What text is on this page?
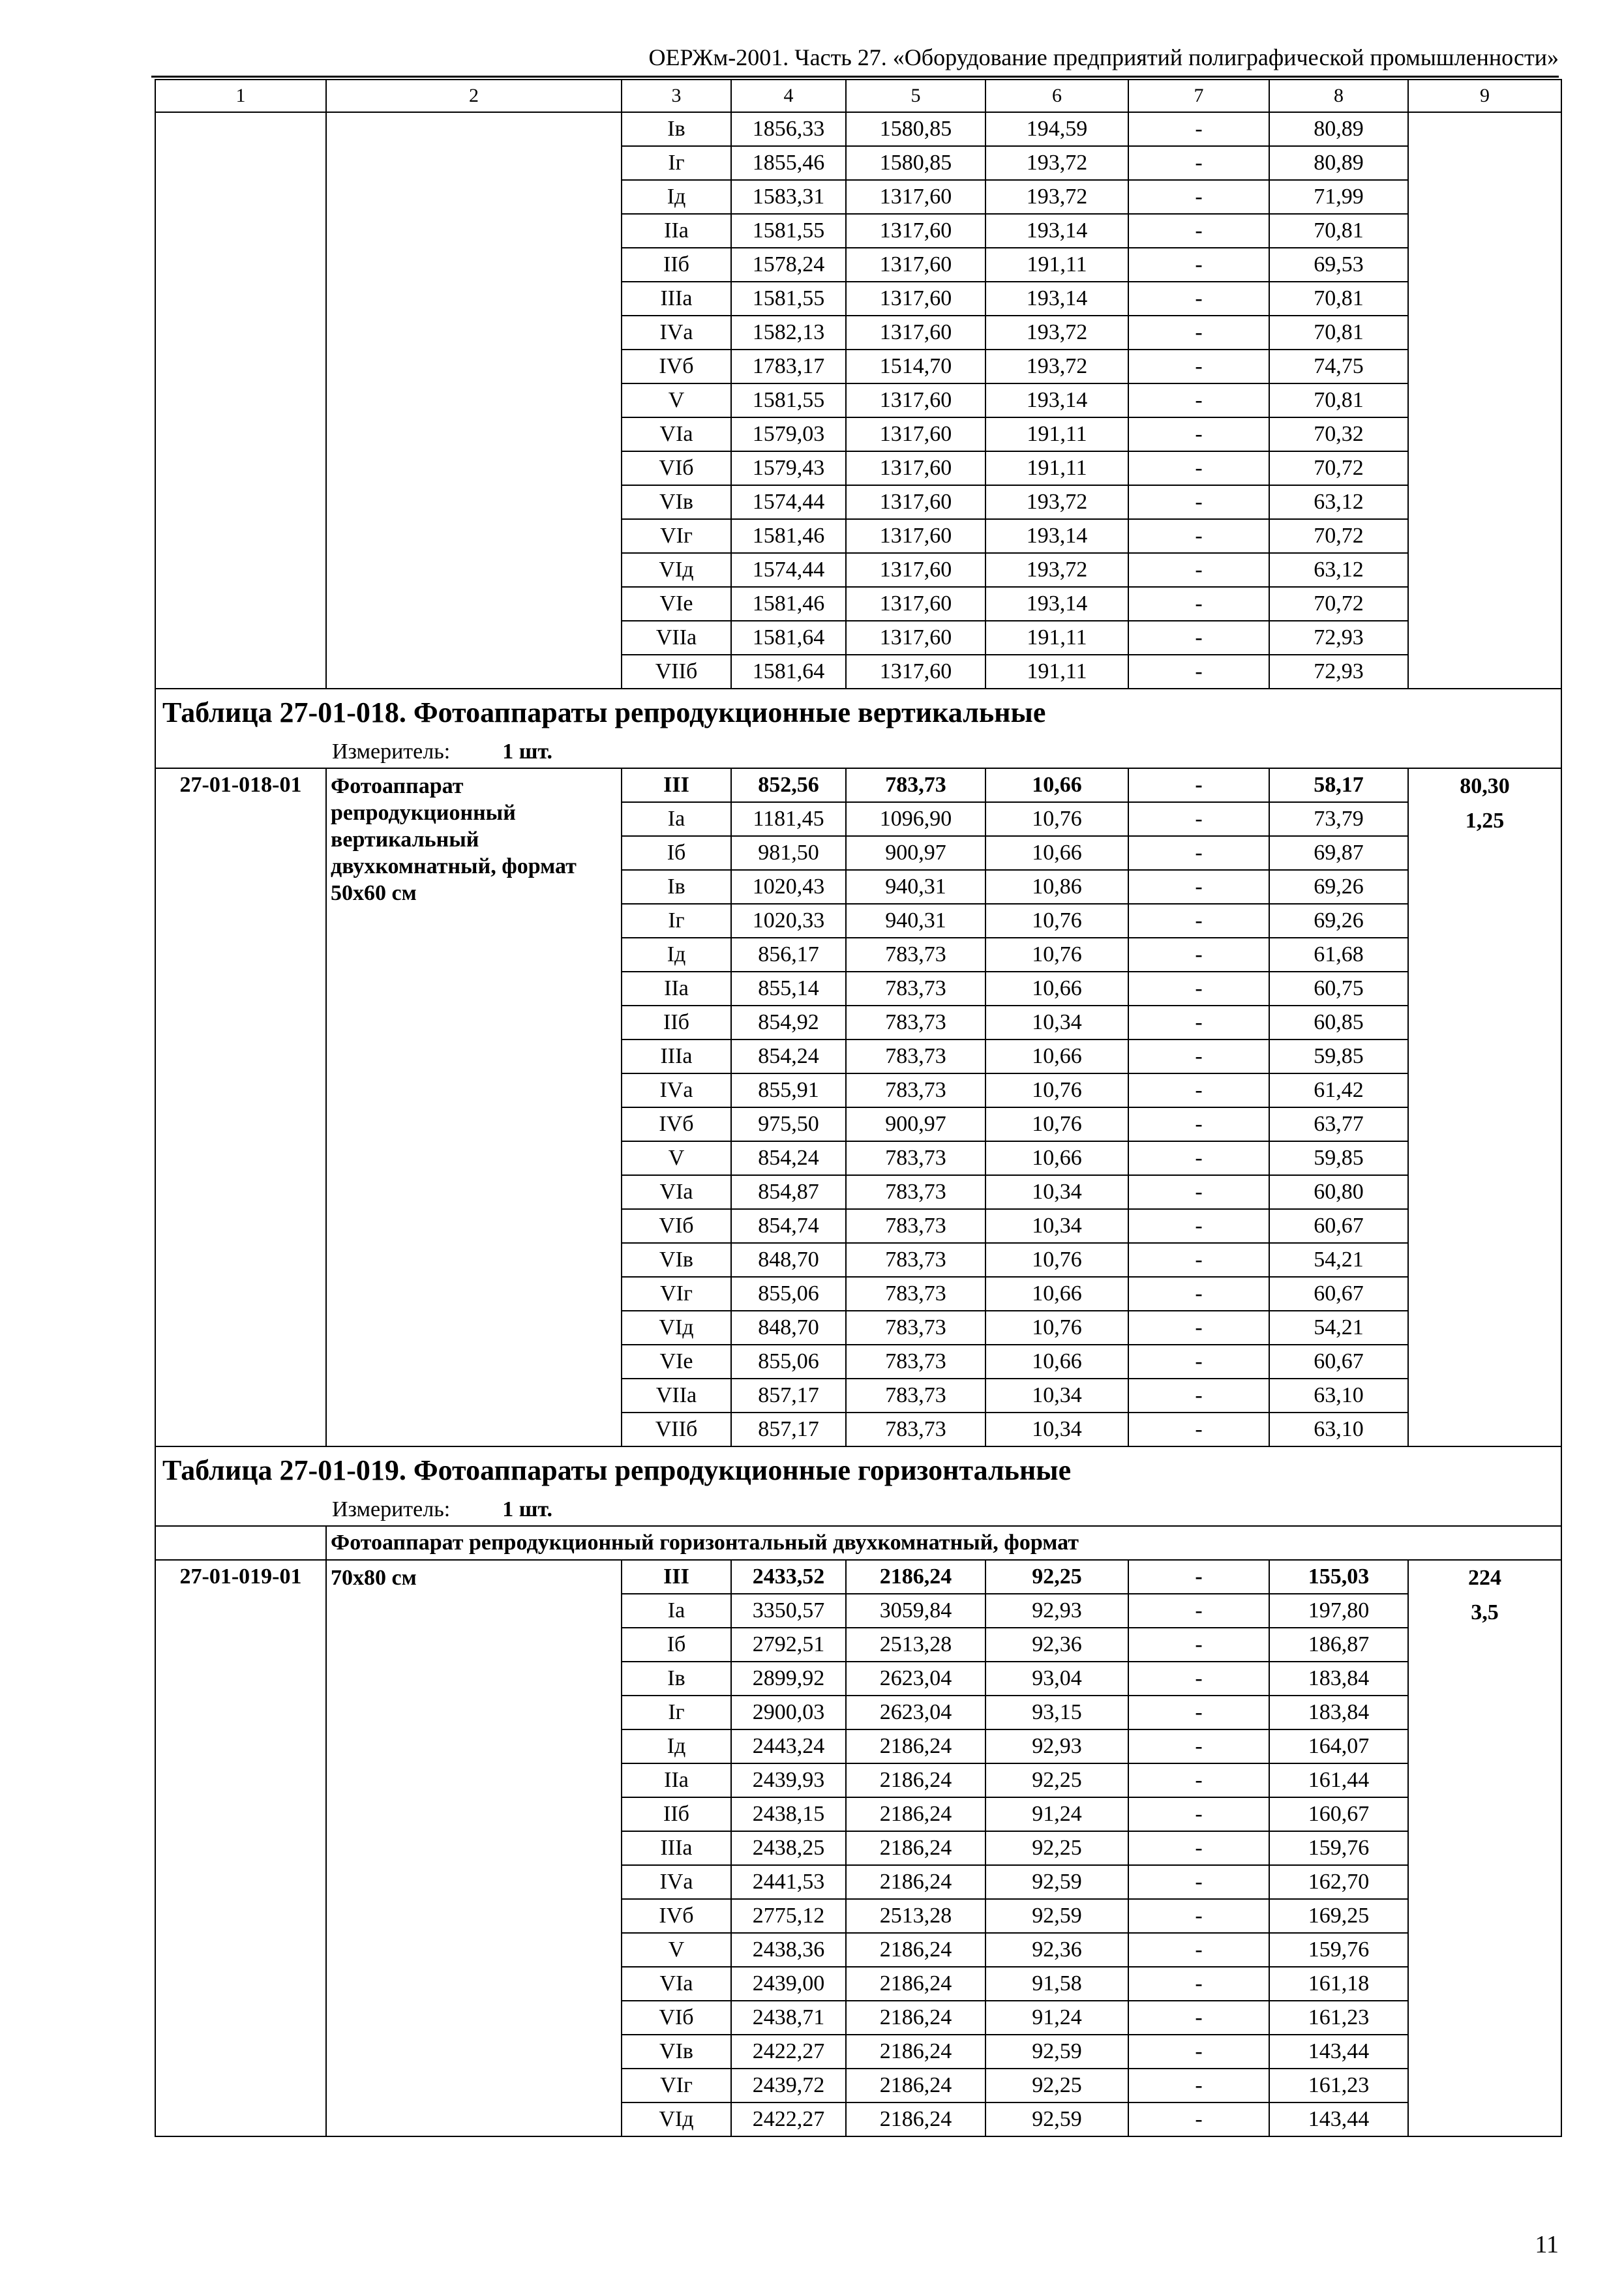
ОЕРЖм-2001. Часть 27. «Оборудование предприятий полиграфической промышленности»
1	2	3	4	5	6	7	8	9
		Iв	1856,33	1580,85	194,59	-	80,89	
		Iг	1855,46	1580,85	193,72	-	80,89	
		Iд	1583,31	1317,60	193,72	-	71,99	
		IIа	1581,55	1317,60	193,14	-	70,81	
		IIб	1578,24	1317,60	191,11	-	69,53	
		IIIа	1581,55	1317,60	193,14	-	70,81	
		IVа	1582,13	1317,60	193,72	-	70,81	
		IVб	1783,17	1514,70	193,72	-	74,75	
		V	1581,55	1317,60	193,14	-	70,81	
		VIа	1579,03	1317,60	191,11	-	70,32	
		VIб	1579,43	1317,60	191,11	-	70,72	
		VIв	1574,44	1317,60	193,72	-	63,12	
		VIг	1581,46	1317,60	193,14	-	70,72	
		VIд	1574,44	1317,60	193,72	-	63,12	
		VIе	1581,46	1317,60	193,14	-	70,72	
		VIIа	1581,64	1317,60	191,11	-	72,93	
		VIIб	1581,64	1317,60	191,11	-	72,93	
Таблица 27-01-018. Фотоаппараты репродукционные вертикальные								
Измеритель: 1 шт.								
27-01-018-01	Фотоаппарат репродукционный вертикальный двухкомнатный, формат 50х60 см	III	852,56	783,73	10,66	-	58,17	80,30
1,25

		Iа	1181,45	1096,90	10,76	-	73,79	
		Iб	981,50	900,97	10,66	-	69,87	
		Iв	1020,43	940,31	10,86	-	69,26	
		Iг	1020,33	940,31	10,76	-	69,26	
		Iд	856,17	783,73	10,76	-	61,68	
		IIа	855,14	783,73	10,66	-	60,75	
		IIб	854,92	783,73	10,34	-	60,85	
		IIIа	854,24	783,73	10,66	-	59,85	
		IVа	855,91	783,73	10,76	-	61,42	
		IVб	975,50	900,97	10,76	-	63,77	
		V	854,24	783,73	10,66	-	59,85	
		VIа	854,87	783,73	10,34	-	60,80	
		VIб	854,74	783,73	10,34	-	60,67	
		VIв	848,70	783,73	10,76	-	54,21	
		VIг	855,06	783,73	10,66	-	60,67	
		VIд	848,70	783,73	10,76	-	54,21	
		VIе	855,06	783,73	10,66	-	60,67	
		VIIа	857,17	783,73	10,34	-	63,10	
		VIIб	857,17	783,73	10,34	-	63,10	
Таблица 27-01-019. Фотоаппараты репродукционные горизонтальные								
Измеритель: 1 шт.								
	Фотоаппарат репродукционный горизонтальный двухкомнатный, формат							
27-01-019-01	70х80 см	III	2433,52	2186,24	92,25	-	155,03	224
3,5

		Iа	3350,57	3059,84	92,93	-	197,80	
		Iб	2792,51	2513,28	92,36	-	186,87	
		Iв	2899,92	2623,04	93,04	-	183,84	
		Iг	2900,03	2623,04	93,15	-	183,84	
		Iд	2443,24	2186,24	92,93	-	164,07	
		IIа	2439,93	2186,24	92,25	-	161,44	
		IIб	2438,15	2186,24	91,24	-	160,67	
		IIIа	2438,25	2186,24	92,25	-	159,76	
		IVа	2441,53	2186,24	92,59	-	162,70	
		IVб	2775,12	2513,28	92,59	-	169,25	
		V	2438,36	2186,24	92,36	-	159,76	
		VIа	2439,00	2186,24	91,58	-	161,18	
		VIб	2438,71	2186,24	91,24	-	161,23	
		VIв	2422,27	2186,24	92,59	-	143,44	
		VIг	2439,72	2186,24	92,25	-	161,23	
		VIд	2422,27	2186,24	92,59	-	143,44	
11
